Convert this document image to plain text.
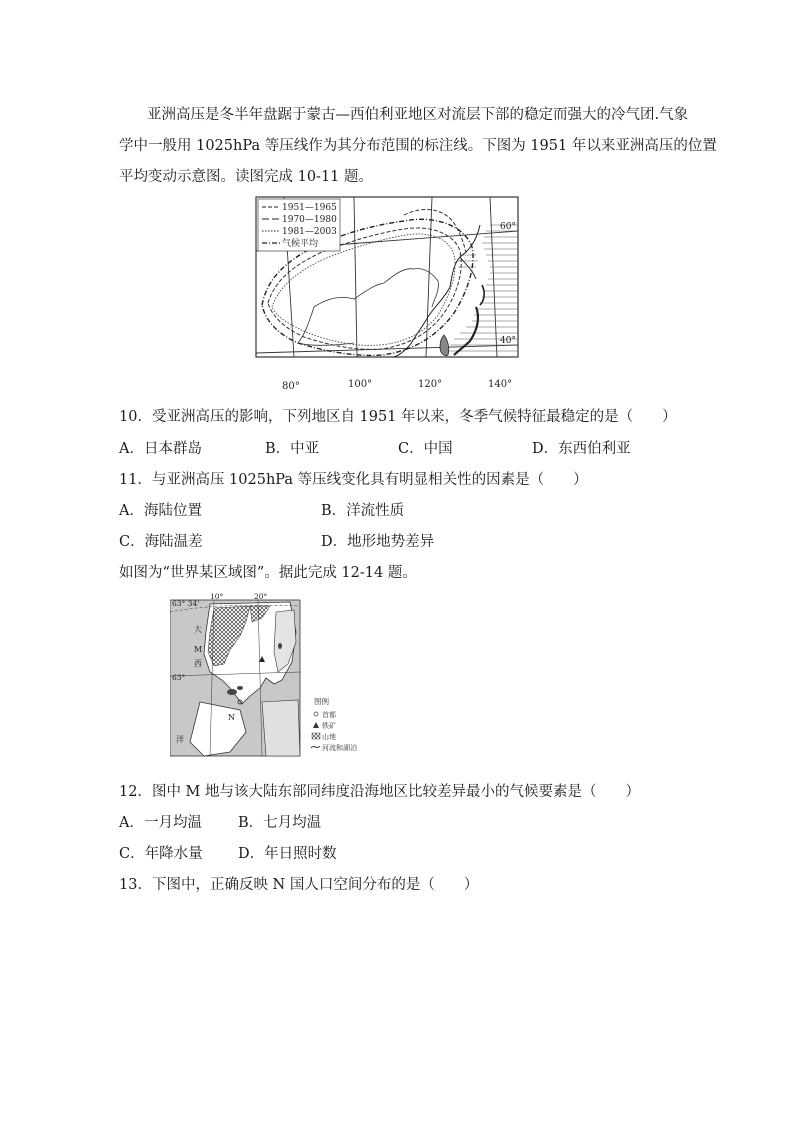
亚洲高压是冬半年盘踞于蒙古—西伯利亚地区对流层下部的稳定而强大的冷气团.气象
学中一般用 1025hPa 等压线作为其分布范围的标注线。下图为 1951 年以来亚洲高压的位置
平均变动示意图。读图完成 10-11 题。
1951—1965
1970—1980
1981—2003
气候平均
60°
40°
80°	100°	120°	140°
10．受亚洲高压的影响，下列地区自 1951 年以来，冬季气候特征最稳定的是（　　）
A．日本群岛	B．中亚	C．中国	D．东西伯利亚
11．与亚洲高压 1025hPa 等压线变化具有明显相关性的因素是（　　）
A．海陆位置	B．洋流性质
C．海陆温差	D．地形地势差异
如图为“世界某区域图”。据此完成 12-14 题。
63° 34'
63°
10°	20°
大
M
西
洋
N
图例
首都
铁矿
山地
河流和湖泊
12．图中 M 地与该大陆东部同纬度沿海地区比较差异最小的气候要素是（　　）
A．一月均温 B．七月均温
C．年降水量 D．年日照时数
13．下图中，正确反映 N 国人口空间分布的是（　　）
